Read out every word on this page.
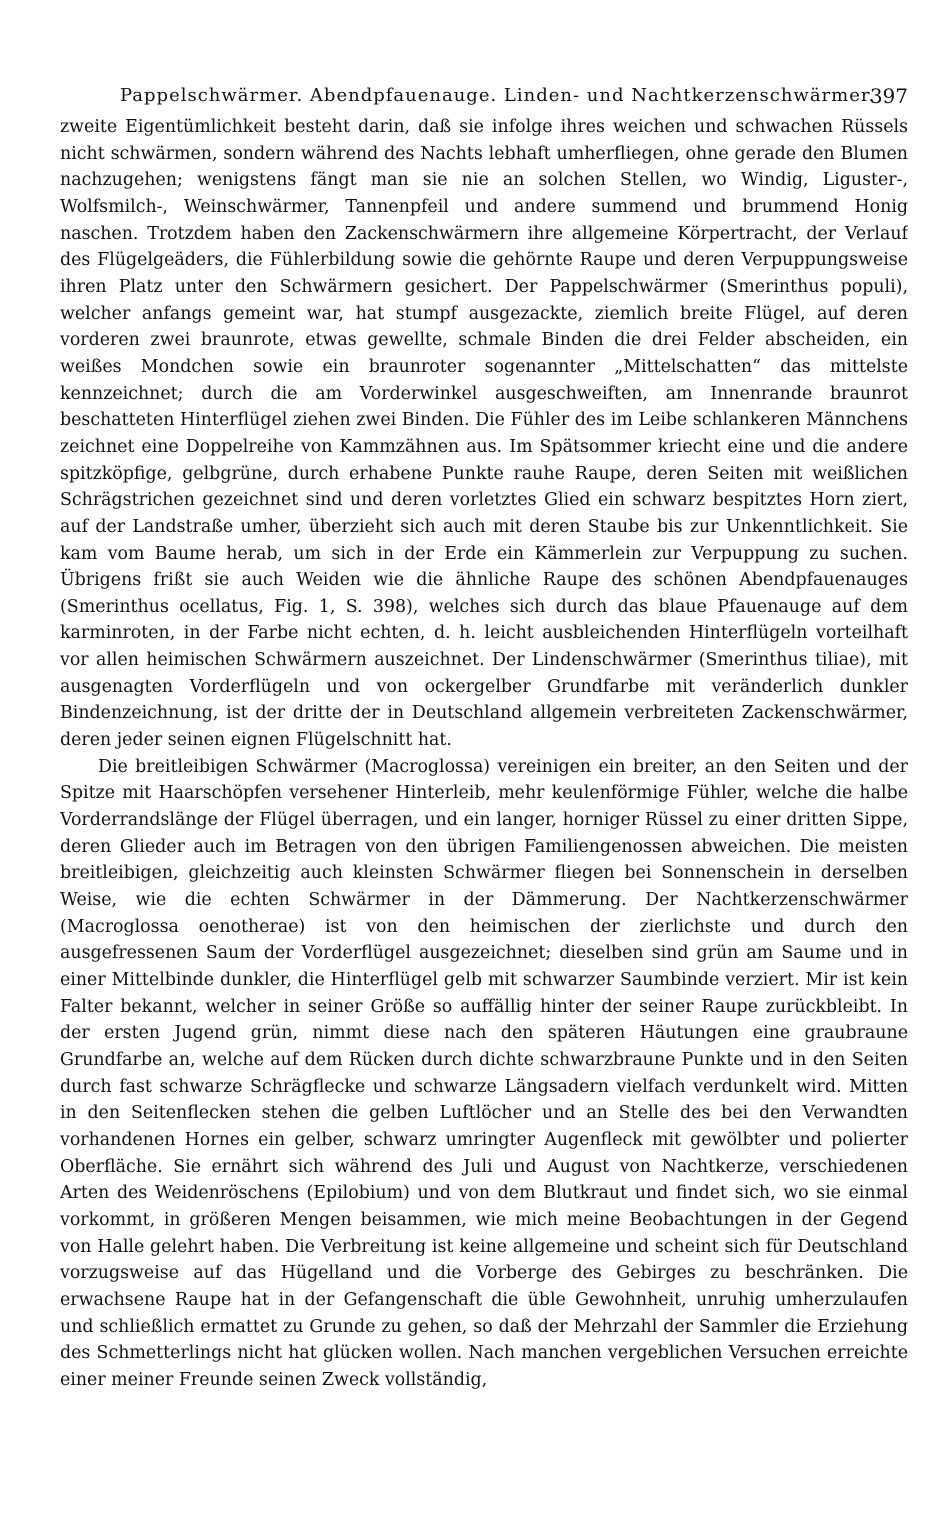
Pappelschwärmer. Abendpfauenauge. Linden- und Nachtkerzenschwärmer.
397

zweite Eigentümlichkeit besteht darin, daß sie infolge ihres weichen und schwachen Rüssels nicht schwärmen, sondern während des Nachts lebhaft umherfliegen, ohne gerade den Blumen nachzugehen; wenigstens fängt man sie nie an solchen Stellen, wo Windig, Liguster-, Wolfsmilch-, Weinschwärmer, Tannenpfeil und andere summend und brummend Honig naschen. Trotzdem haben den Zackenschwärmern ihre allgemeine Körpertracht, der Verlauf des Flügelgeäders, die Fühlerbildung sowie die gehörnte Raupe und deren Verpuppungsweise ihren Platz unter den Schwärmern gesichert. Der Pappelschwärmer (Smerinthus populi), welcher anfangs gemeint war, hat stumpf ausgezackte, ziemlich breite Flügel, auf deren vorderen zwei braunrote, etwas gewellte, schmale Binden die drei Felder abscheiden, ein weißes Mondchen sowie ein braunroter sogenannter „Mittelschatten“ das mittelste kennzeichnet; durch die am Vorderwinkel ausgeschweiften, am Innenrande braunrot beschatteten Hinterflügel ziehen zwei Binden. Die Fühler des im Leibe schlankeren Männchens zeichnet eine Doppelreihe von Kammzähnen aus. Im Spätsommer kriecht eine und die andere spitzköpfige, gelbgrüne, durch erhabene Punkte rauhe Raupe, deren Seiten mit weißlichen Schrägstrichen gezeichnet sind und deren vorletztes Glied ein schwarz bespitztes Horn ziert, auf der Landstraße umher, überzieht sich auch mit deren Staube bis zur Unkenntlichkeit. Sie kam vom Baume herab, um sich in der Erde ein Kämmerlein zur Verpuppung zu suchen. Übrigens frißt sie auch Weiden wie die ähnliche Raupe des schönen Abendpfauenauges (Smerinthus ocellatus, Fig. 1, S. 398), welches sich durch das blaue Pfauenauge auf dem karminroten, in der Farbe nicht echten, d. h. leicht ausbleichenden Hinterflügeln vorteilhaft vor allen heimischen Schwärmern auszeichnet. Der Lindenschwärmer (Smerinthus tiliae), mit ausgenagten Vorderflügeln und von ockergelber Grundfarbe mit veränderlich dunkler Bindenzeichnung, ist der dritte der in Deutschland allgemein verbreiteten Zackenschwärmer, deren jeder seinen eignen Flügelschnitt hat.

Die breitleibigen Schwärmer (Macroglossa) vereinigen ein breiter, an den Seiten und der Spitze mit Haarschöpfen versehener Hinterleib, mehr keulenförmige Fühler, welche die halbe Vorderrandslänge der Flügel überragen, und ein langer, horniger Rüssel zu einer dritten Sippe, deren Glieder auch im Betragen von den übrigen Familiengenossen abweichen. Die meisten breitleibigen, gleichzeitig auch kleinsten Schwärmer fliegen bei Sonnenschein in derselben Weise, wie die echten Schwärmer in der Dämmerung. Der Nachtkerzenschwärmer (Macroglossa oenotherae) ist von den heimischen der zierlichste und durch den ausgefressenen Saum der Vorderflügel ausgezeichnet; dieselben sind grün am Saume und in einer Mittelbinde dunkler, die Hinterflügel gelb mit schwarzer Saumbinde verziert. Mir ist kein Falter bekannt, welcher in seiner Größe so auffällig hinter der seiner Raupe zurückbleibt. In der ersten Jugend grün, nimmt diese nach den späteren Häutungen eine graubraune Grundfarbe an, welche auf dem Rücken durch dichte schwarzbraune Punkte und in den Seiten durch fast schwarze Schrägflecke und schwarze Längsadern vielfach verdunkelt wird. Mitten in den Seitenflecken stehen die gelben Luftlöcher und an Stelle des bei den Verwandten vorhandenen Hornes ein gelber, schwarz umringter Augenfleck mit gewölbter und polierter Oberfläche. Sie ernährt sich während des Juli und August von Nachtkerze, verschiedenen Arten des Weidenröschens (Epilobium) und von dem Blutkraut und findet sich, wo sie einmal vorkommt, in größeren Mengen beisammen, wie mich meine Beobachtungen in der Gegend von Halle gelehrt haben. Die Verbreitung ist keine allgemeine und scheint sich für Deutschland vorzugsweise auf das Hügelland und die Vorberge des Gebirges zu beschränken. Die erwachsene Raupe hat in der Gefangenschaft die üble Gewohnheit, unruhig umherzulaufen und schließlich ermattet zu Grunde zu gehen, so daß der Mehrzahl der Sammler die Erziehung des Schmetterlings nicht hat glücken wollen. Nach manchen vergeblichen Versuchen erreichte einer meiner Freunde seinen Zweck vollständig,
